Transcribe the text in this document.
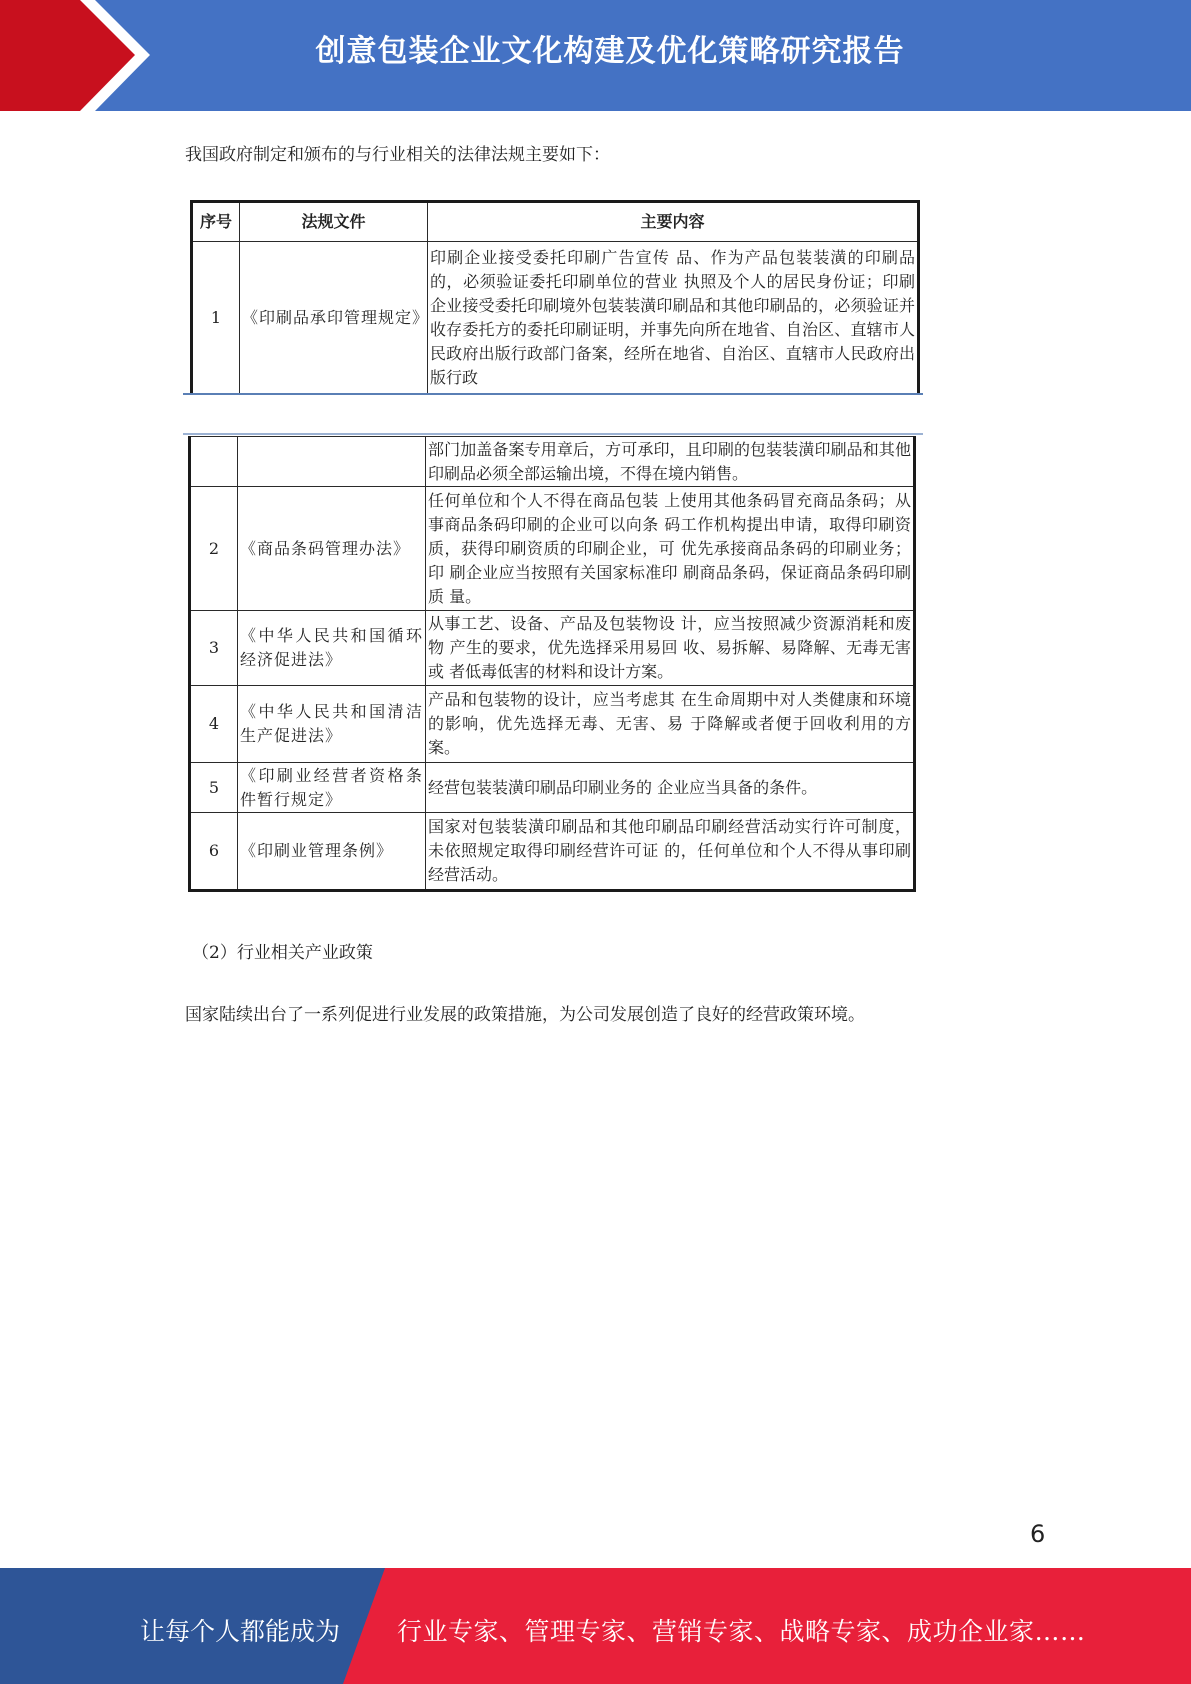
创意包装企业文化构建及优化策略研究报告
我国政府制定和颁布的与行业相关的法律法规主要如下：
序号	法规文件	主要内容
1	《印刷品承印管理规定》	印刷企业接受委托印刷广告宣传 品、作为产品包装装潢的印刷品 的，必须验证委托印刷单位的营业 执照及个人的居民身份证；印刷企业接受委托印刷境外包装装潢印刷品和其他印刷品的，必须验证并收存委托方的委托印刷证明，并事先向所在地省、自治区、直辖市人民政府出版行政部门备案，经所在地省、自治区、直辖市人民政府出版行政
		部门加盖备案专用章后，方可承印，且印刷的包装装潢印刷品和其他印刷品必须全部运输出境，不得在境内销售。
2	《商品条码管理办法》	任何单位和个人不得在商品包装 上使用其他条码冒充商品条码；从 事商品条码印刷的企业可以向条 码工作机构提出申请，取得印刷资 质，获得印刷资质的印刷企业，可 优先承接商品条码的印刷业务；印 刷企业应当按照有关国家标准印 刷商品条码，保证商品条码印刷质 量。
3	《中华人民共和国循环经济促进法》	从事工艺、设备、产品及包装物设 计，应当按照减少资源消耗和废物 产生的要求，优先选择采用易回 收、易拆解、易降解、无毒无害或 者低毒低害的材料和设计方案。
4	《中华人民共和国清洁生产促进法》	产品和包装物的设计，应当考虑其 在生命周期中对人类健康和环境 的影响，优先选择无毒、无害、易 于降解或者便于回收利用的方案。
5	《印刷业经营者资格条件暂行规定》	经营包装装潢印刷品印刷业务的 企业应当具备的条件。
6	《印刷业管理条例》	国家对包装装潢印刷品和其他印刷品印刷经营活动实行许可制度， 未依照规定取得印刷经营许可证 的，任何单位和个人不得从事印刷 经营活动。
（2）行业相关产业政策
国家陆续出台了一系列促进行业发展的政策措施，为公司发展创造了良好的经营政策环境。
6
让每个人都能成为 行业专家、管理专家、营销专家、战略专家、成功企业家……
